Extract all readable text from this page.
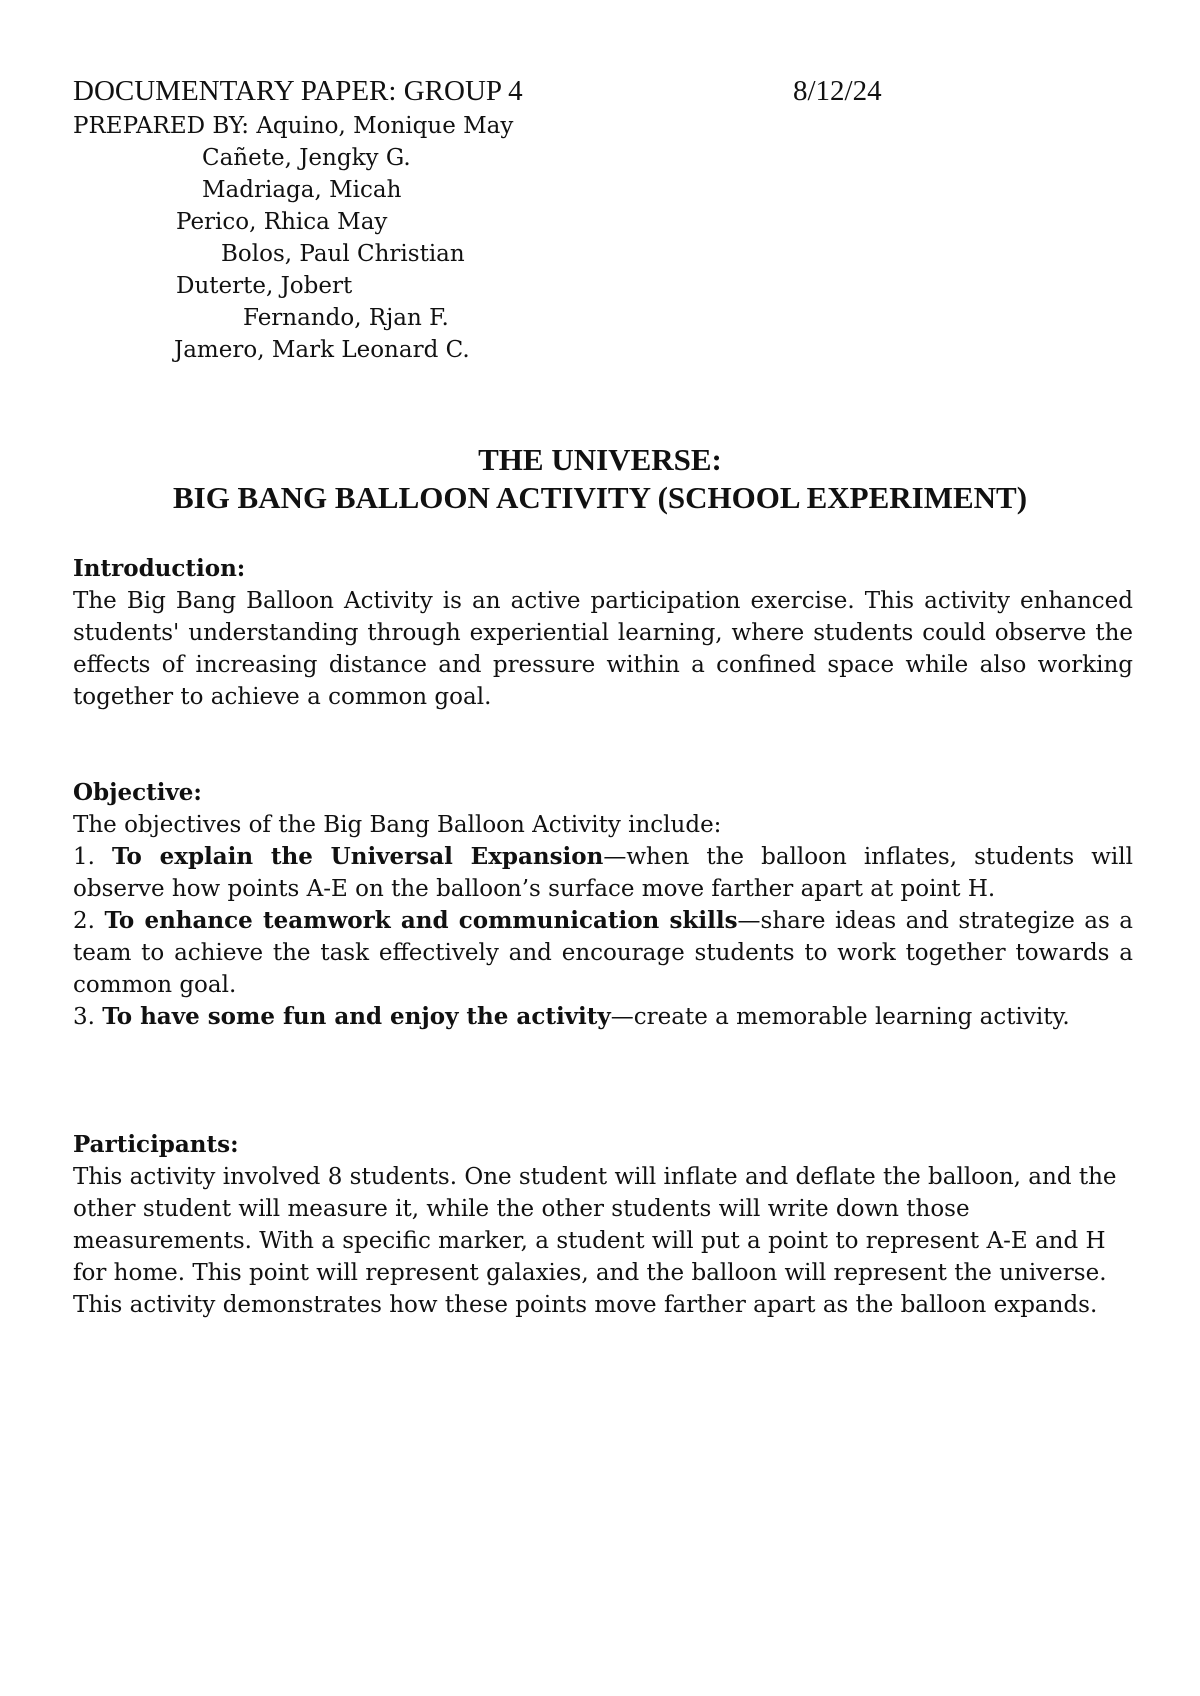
DOCUMENTARY PAPER: GROUP 4	8/12/24
PREPARED BY: Aquino, Monique May
Cañete, Jengky G.
Madriaga, Micah
Perico, Rhica May
Bolos, Paul Christian
Duterte, Jobert
Fernando, Rjan F.
Jamero, Mark Leonard C.
THE UNIVERSE:
BIG BANG BALLOON ACTIVITY (SCHOOL EXPERIMENT)
Introduction:
The Big Bang Balloon Activity is an active participation exercise. This activity enhanced students' understanding through experiential learning, where students could observe the effects of increasing distance and pressure within a confined space while also working together to achieve a common goal.
Objective:
The objectives of the Big Bang Balloon Activity include:
1. To explain the Universal Expansion—when the balloon inflates, students will observe how points A-E on the balloon’s surface move farther apart at point H.
2. To enhance teamwork and communication skills—share ideas and strategize as a team to achieve the task effectively and encourage students to work together towards a common goal.
3. To have some fun and enjoy the activity—create a memorable learning activity.
Participants:
This activity involved 8 students. One student will inflate and deflate the balloon, and the other student will measure it, while the other students will write down those measurements. With a specific marker, a student will put a point to represent A-E and H for home. This point will represent galaxies, and the balloon will represent the universe. This activity demonstrates how these points move farther apart as the balloon expands.
